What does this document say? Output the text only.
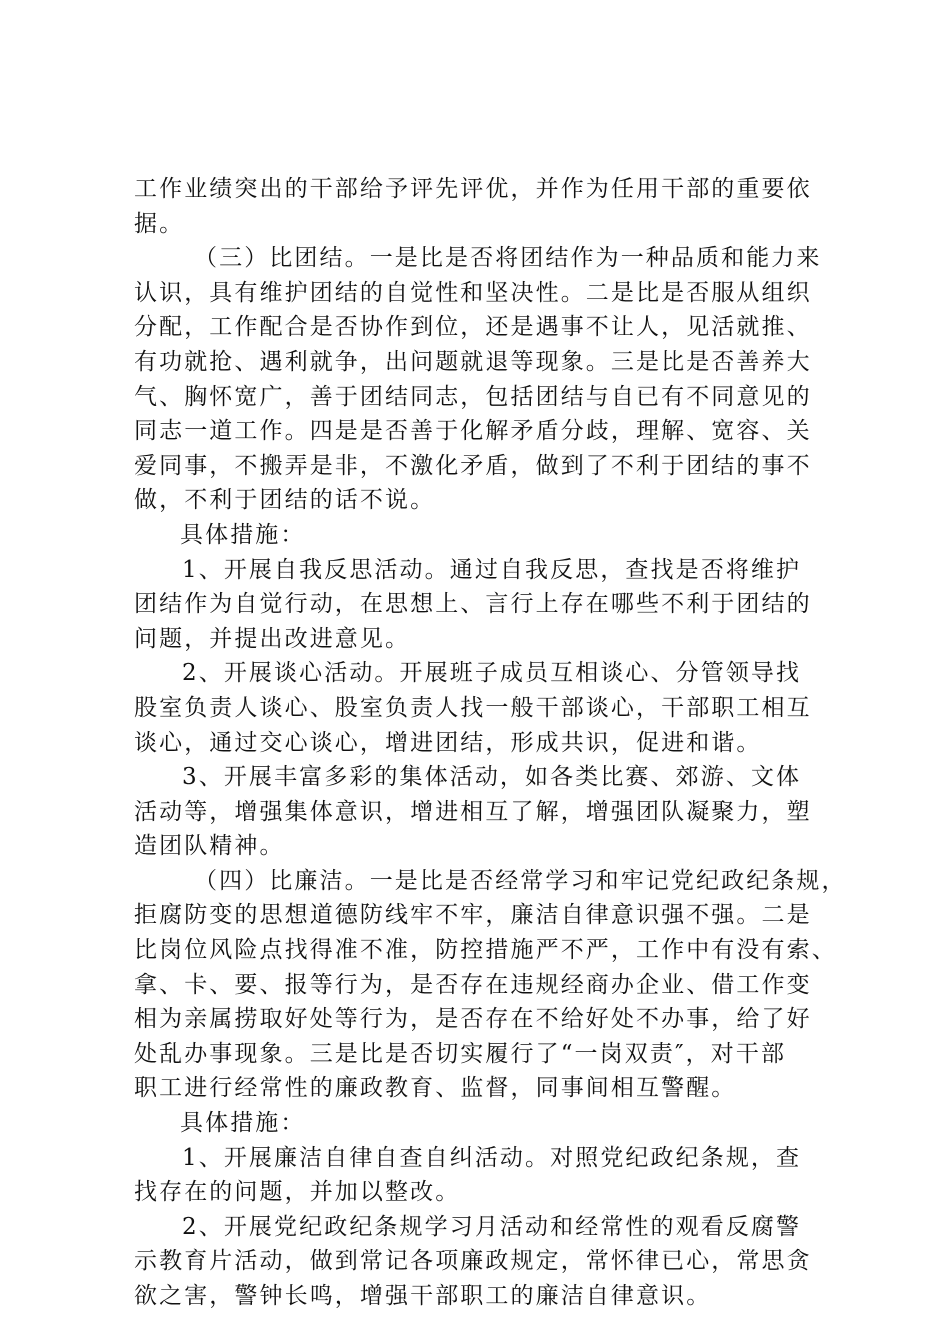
工作业绩突出的干部给予评先评优，并作为任用干部的重要依
据。
（三）比团结。一是比是否将团结作为一种品质和能力来
认识，具有维护团结的自觉性和坚决性。二是比是否服从组织
分配，工作配合是否协作到位，还是遇事不让人，见活就推、
有功就抢、遇利就争，出问题就退等现象。三是比是否善养大
气、胸怀宽广，善于团结同志，包括团结与自已有不同意见的
同志一道工作。四是是否善于化解矛盾分歧，理解、宽容、关
爱同事，不搬弄是非，不激化矛盾，做到了不利于团结的事不
做，不利于团结的话不说。
具体措施：
1、开展自我反思活动。通过自我反思，查找是否将维护
团结作为自觉行动，在思想上、言行上存在哪些不利于团结的
问题，并提出改进意见。
2、开展谈心活动。开展班子成员互相谈心、分管领导找
股室负责人谈心、股室负责人找一般干部谈心，干部职工相互
谈心，通过交心谈心，增进团结，形成共识，促进和谐。
3、开展丰富多彩的集体活动，如各类比赛、郊游、文体
活动等，增强集体意识，增进相互了解，增强团队凝聚力，塑
造团队精神。
（四）比廉洁。一是比是否经常学习和牢记党纪政纪条规，
拒腐防变的思想道德防线牢不牢，廉洁自律意识强不强。二是
比岗位风险点找得准不准，防控措施严不严，工作中有没有索、
拿、卡、要、报等行为，是否存在违规经商办企业、借工作变
相为亲属捞取好处等行为，是否存在不给好处不办事，给了好
处乱办事现象。三是比是否切实履行了“一岗双责″，对干部
职工进行经常性的廉政教育、监督，同事间相互警醒。
具体措施：
1、开展廉洁自律自查自纠活动。对照党纪政纪条规，查
找存在的问题，并加以整改。
2、开展党纪政纪条规学习月活动和经常性的观看反腐警
示教育片活动，做到常记各项廉政规定，常怀律已心，常思贪
欲之害，警钟长鸣，增强干部职工的廉洁自律意识。
